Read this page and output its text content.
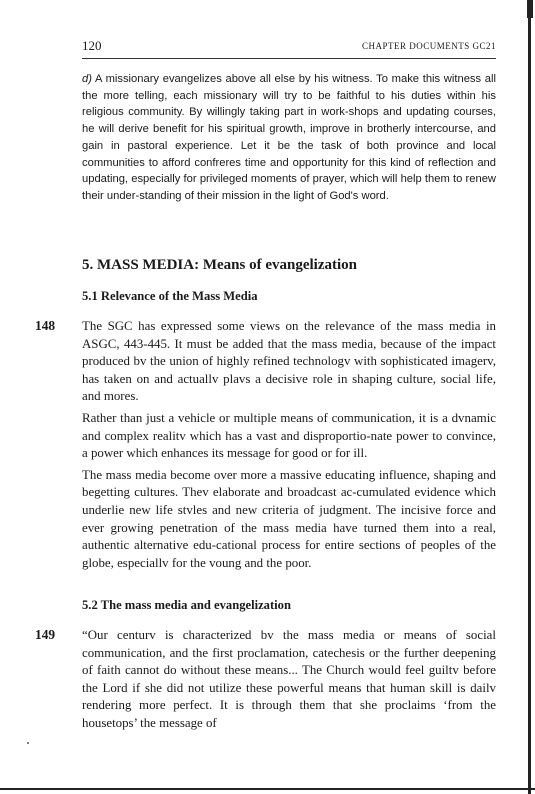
120	CHAPTER DOCUMENTS GC21
d) A missionary evangelizes above all else by his witness. To make this witness all the more telling, each missionary will try to be faithful to his duties within his religious community. By willingly taking part in work-shops and updating courses, he will derive benefit for his spiritual growth, improve in brotherly intercourse, and gain in pastoral experience. Let it be the task of both province and local communities to afford confreres time and opportunity for this kind of reflection and updating, especially for privileged moments of prayer, which will help them to renew their under-standing of their mission in the light of God's word.
5. MASS MEDIA: Means of evangelization
5.1 Relevance of the Mass Media
148 The SGC has expressed some views on the relevance of the mass media in ASGC, 443-445. It must be added that the mass media, because of the impact produced bv the union of highly refined technologv with sophisticated imagerv, has taken on and actuallv plavs a decisive role in shaping culture, social life, and mores.

Rather than just a vehicle or multiple means of communication, it is a dvnamic and complex realitv which has a vast and disproportio-nate power to convince, a power which enhances its message for good or for ill.

The mass media become over more a massive educating influence, shaping and begetting cultures. Thev elaborate and broadcast ac-cumulated evidence which underlie new life stvles and new criteria of judgment. The incisive force and ever growing penetration of the mass media have turned them into a real, authentic alternative edu-cational process for entire sections of peoples of the globe, especiallv for the voung and the poor.

5.2 The mass media and evangelization
149 “Our centurv is characterized bv the mass media or means of social communication, and the first proclamation, catechesis or the further deepening of faith cannot do without these means... The Church would feel guiltv before the Lord if she did not utilize these powerful means that human skill is dailv rendering more perfect. It is through them that she proclaims ‘from the housetops’ the message of
